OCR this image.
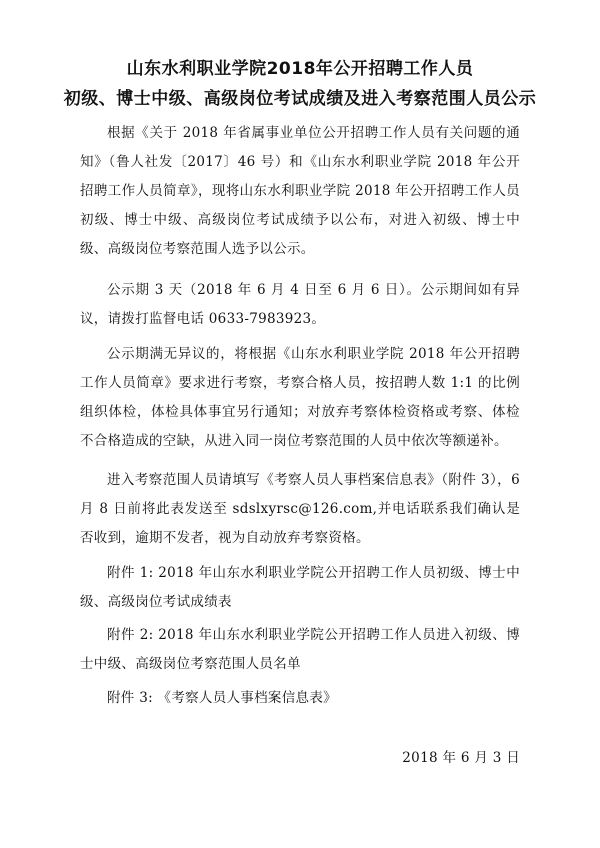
山东水利职业学院2018年公开招聘工作人员
初级、博士中级、高级岗位考试成绩及进入考察范围人员公示

根据《关于 2018 年省属事业单位公开招聘工作人员有关问题的通知》（鲁人社发〔2017〕46 号）和《山东水利职业学院 2018 年公开招聘工作人员简章》，现将山东水利职业学院 2018 年公开招聘工作人员初级、博士中级、高级岗位考试成绩予以公布，对进入初级、博士中级、高级岗位考察范围人选予以公示。

公示期 3 天（2018 年 6 月 4 日至 6 月 6 日）。公示期间如有异议，请拨打监督电话 0633-7983923。

公示期满无异议的，将根据《山东水利职业学院 2018 年公开招聘工作人员简章》要求进行考察，考察合格人员，按招聘人数 1:1 的比例组织体检，体检具体事宜另行通知；对放弃考察体检资格或考察、体检不合格造成的空缺，从进入同一岗位考察范围的人员中依次等额递补。

进入考察范围人员请填写《考察人员人事档案信息表》（附件 3），6 月 8 日前将此表发送至 sdslxyrsc@126.com,并电话联系我们确认是否收到，逾期不发者，视为自动放弃考察资格。

附件 1: 2018 年山东水利职业学院公开招聘工作人员初级、博士中级、高级岗位考试成绩表

附件 2: 2018 年山东水利职业学院公开招聘工作人员进入初级、博士中级、高级岗位考察范围人员名单

附件 3: 《考察人员人事档案信息表》

2018 年 6 月 3 日
